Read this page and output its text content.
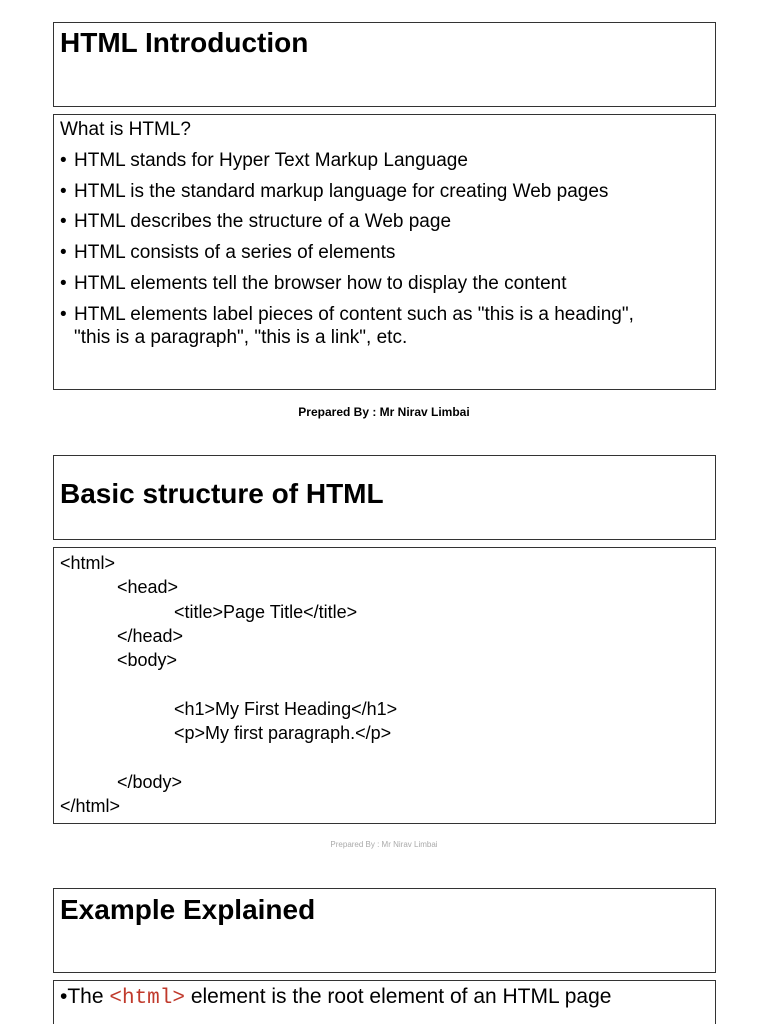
HTML Introduction
What is HTML?
• HTML stands for Hyper Text Markup Language
• HTML is the standard markup language for creating Web pages
• HTML describes the structure of a Web page
• HTML consists of a series of elements
• HTML elements tell the browser how to display the content
• HTML elements label pieces of content such as "this is a heading", "this is a paragraph", "this is a link", etc.
Prepared By : Mr Nirav Limbai
Basic structure of HTML
<html>
<head>
<title>Page Title</title>
</head>
<body>
<h1>My First Heading</h1>
<p>My first paragraph.</p>
</body>
</html>
Prepared By : Mr Nirav Limbai
Example Explained
•The <html> element is the root element of an HTML page
